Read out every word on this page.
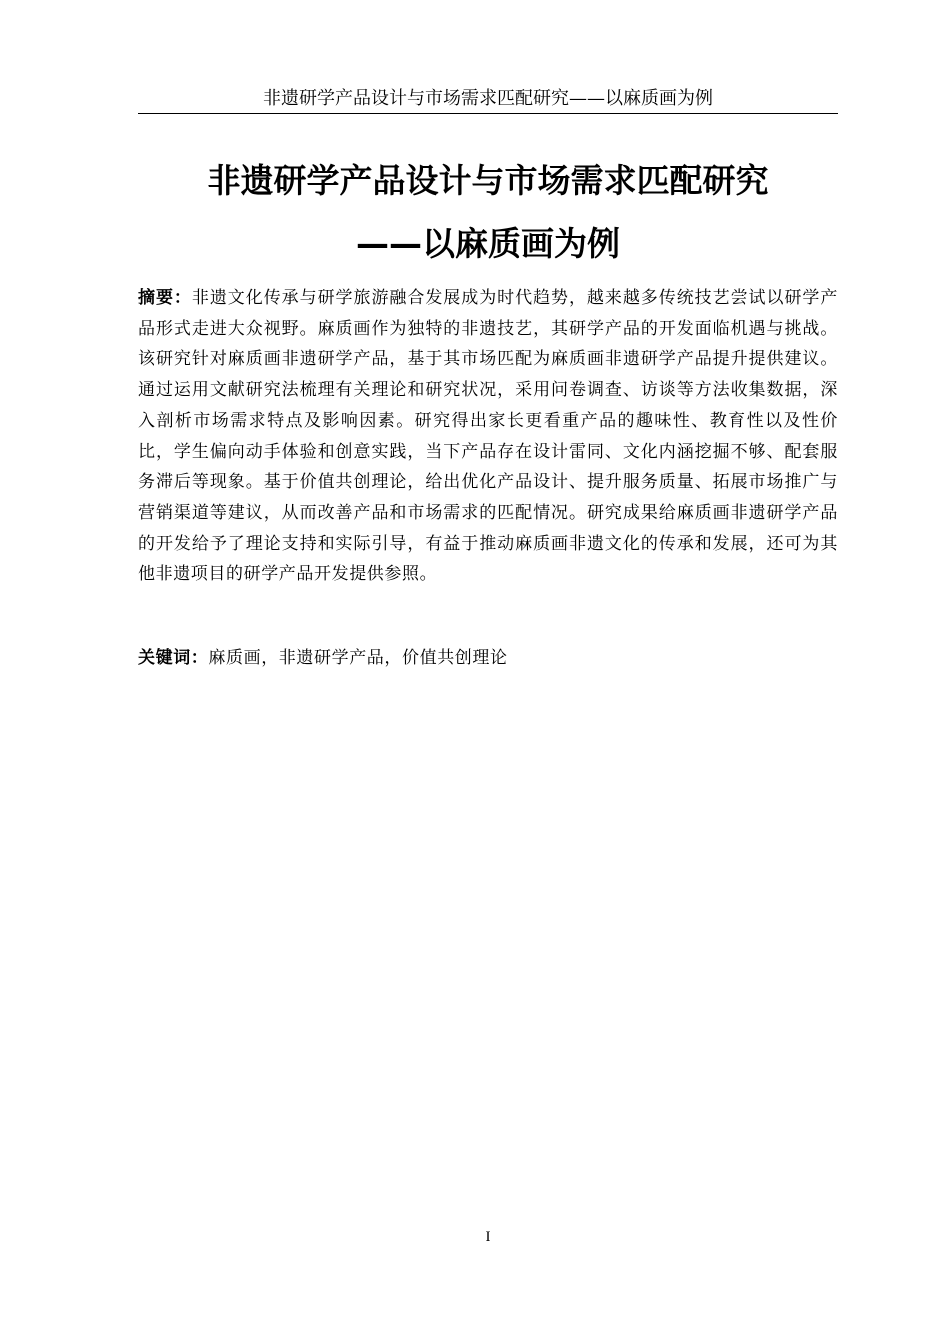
非遗研学产品设计与市场需求匹配研究——以麻质画为例
非遗研学产品设计与市场需求匹配研究
——以麻质画为例
摘要：非遗文化传承与研学旅游融合发展成为时代趋势，越来越多传统技艺尝试以研学产品形式走进大众视野。麻质画作为独特的非遗技艺，其研学产品的开发面临机遇与挑战。该研究针对麻质画非遗研学产品，基于其市场匹配为麻质画非遗研学产品提升提供建议。通过运用文献研究法梳理有关理论和研究状况，采用问卷调查、访谈等方法收集数据，深入剖析市场需求特点及影响因素。研究得出家长更看重产品的趣味性、教育性以及性价比，学生偏向动手体验和创意实践，当下产品存在设计雷同、文化内涵挖掘不够、配套服务滞后等现象。基于价值共创理论，给出优化产品设计、提升服务质量、拓展市场推广与营销渠道等建议，从而改善产品和市场需求的匹配情况。研究成果给麻质画非遗研学产品的开发给予了理论支持和实际引导，有益于推动麻质画非遗文化的传承和发展，还可为其他非遗项目的研学产品开发提供参照。
关键词：麻质画，非遗研学产品，价值共创理论
I
